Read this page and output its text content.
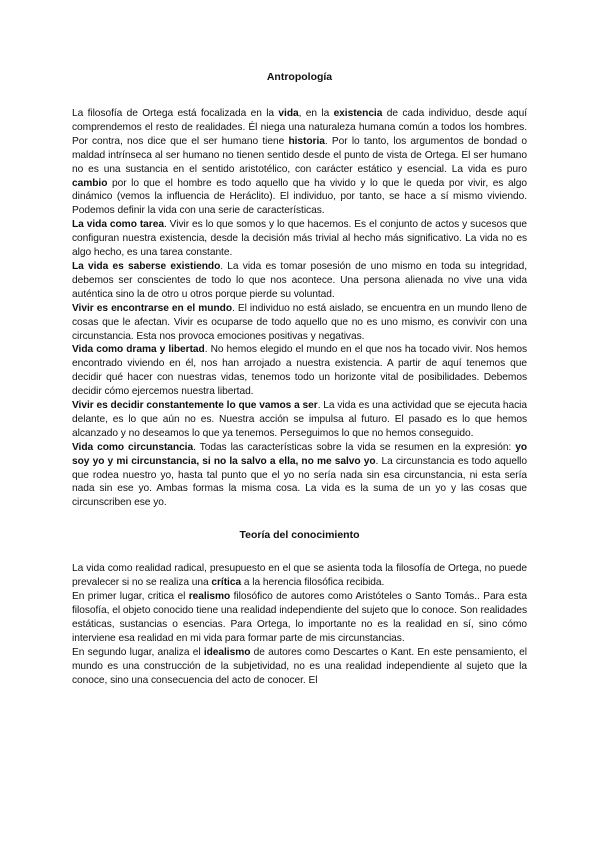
Antropología

La filosofía de Ortega está focalizada en la vida, en la existencia de cada individuo, desde aquí comprendemos el resto de realidades. Él niega una naturaleza humana común a todos los hombres. Por contra, nos dice que el ser humano tiene historia. Por lo tanto, los argumentos de bondad o maldad intrínseca al ser humano no tienen sentido desde el punto de vista de Ortega. El ser humano no es una sustancia en el sentido aristotélico, con carácter estático y esencial. La vida es puro cambio por lo que el hombre es todo aquello que ha vivido y lo que le queda por vivir, es algo dinámico (vemos la influencia de Heráclito). El individuo, por tanto, se hace a sí mismo viviendo. Podemos definir la vida con una serie de características.

La vida como tarea. Vivir es lo que somos y lo que hacemos. Es el conjunto de actos y sucesos que configuran nuestra existencia, desde la decisión más trivial al hecho más significativo. La vida no es algo hecho, es una tarea constante.

La vida es saberse existiendo. La vida es tomar posesión de uno mismo en toda su integridad, debemos ser conscientes de todo lo que nos acontece. Una persona alienada no vive una vida auténtica sino la de otro u otros porque pierde su voluntad.

Vivir es encontrarse en el mundo. El individuo no está aislado, se encuentra en un mundo lleno de cosas que le afectan. Vivir es ocuparse de todo aquello que no es uno mismo, es convivir con una circunstancia. Esta nos provoca emociones positivas y negativas.

Vida como drama y libertad. No hemos elegido el mundo en el que nos ha tocado vivir. Nos hemos encontrado viviendo en él, nos han arrojado a nuestra existencia. A partir de aquí tenemos que decidir qué hacer con nuestras vidas, tenemos todo un horizonte vital de posibilidades. Debemos decidir cómo ejercemos nuestra libertad.

Vivir es decidir constantemente lo que vamos a ser. La vida es una actividad que se ejecuta hacia delante, es lo que aún no es. Nuestra acción se impulsa al futuro. El pasado es lo que hemos alcanzado y no deseamos lo que ya tenemos. Perseguimos lo que no hemos conseguido.

Vida como circunstancia. Todas las características sobre la vida se resumen en la expresión: yo soy yo y mi circunstancia, si no la salvo a ella, no me salvo yo. La circunstancia es todo aquello que rodea nuestro yo, hasta tal punto que el yo no sería nada sin esa circunstancia, ni esta sería nada sin ese yo. Ambas formas la misma cosa. La vida es la suma de un yo y las cosas que circunscriben ese yo.

Teoría del conocimiento

La vida como realidad radical, presupuesto en el que se asienta toda la filosofía de Ortega, no puede prevalecer si no se realiza una crítica a la herencia filosófica recibida.

En primer lugar, critica el realismo filosófico de autores como Aristóteles o Santo Tomás.. Para esta filosofía, el objeto conocido tiene una realidad independiente del sujeto que lo conoce. Son realidades estáticas, sustancias o esencias. Para Ortega, lo importante no es la realidad en sí, sino cómo interviene esa realidad en mi vida para formar parte de mis circunstancias.

En segundo lugar, analiza el idealismo de autores como Descartes o Kant. En este pensamiento, el mundo es una construcción de la subjetividad, no es una realidad independiente al sujeto que la conoce, sino una consecuencia del acto de conocer. El
